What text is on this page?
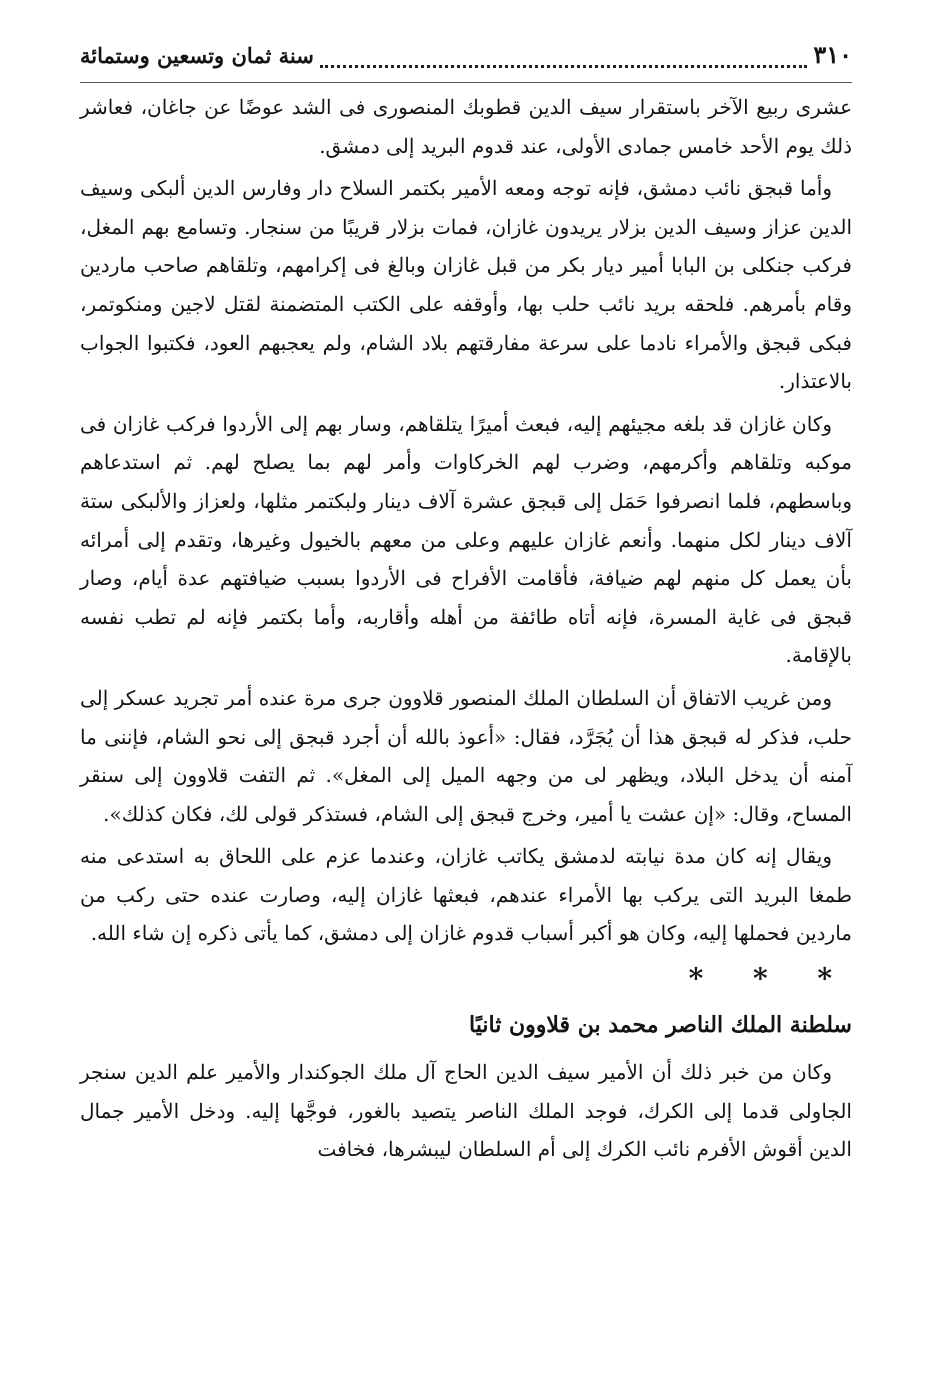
٣١٠
سنة ثمان وتسعين وستمائة

عشرى ربيع الآخر باستقرار سيف الدين قطوبك المنصورى فى الشد عوضًا عن جاغان، فعاشر ذلك يوم الأحد خامس جمادى الأولى، عند قدوم البريد إلى دمشق.

وأما قبجق نائب دمشق، فإنه توجه ومعه الأمير بكتمر السلاح دار وفارس الدين ألبكى وسيف الدين عزاز وسيف الدين بزلار يريدون غازان، فمات بزلار قريبًا من سنجار. وتسامع بهم المغل، فركب جنكلى بن البابا أمير ديار بكر من قبل غازان وبالغ فى إكرامهم، وتلقاهم صاحب ماردين وقام بأمرهم. فلحقه بريد نائب حلب بها، وأوقفه على الكتب المتضمنة لقتل لاجين ومنكوتمر، فبكى قبجق والأمراء نادما على سرعة مفارقتهم بلاد الشام، ولم يعجبهم العود، فكتبوا الجواب بالاعتذار.

وكان غازان قد بلغه مجيئهم إليه، فبعث أميرًا يتلقاهم، وسار بهم إلى الأردوا فركب غازان فى موكبه وتلقاهم وأكرمهم، وضرب لهم الخركاوات وأمر لهم بما يصلح لهم. ثم استدعاهم وباسطهم، فلما انصرفوا حَمَل إلى قبجق عشرة آلاف دينار ولبكتمر مثلها، ولعزاز والألبكى ستة آلاف دينار لكل منهما. وأنعم غازان عليهم وعلى من معهم بالخيول وغيرها، وتقدم إلى أمرائه بأن يعمل كل منهم لهم ضيافة، فأقامت الأفراح فى الأردوا بسبب ضيافتهم عدة أيام، وصار قبجق فى غاية المسرة، فإنه أتاه طائفة من أهله وأقاربه، وأما بكتمر فإنه لم تطب نفسه بالإقامة.

ومن غريب الاتفاق أن السلطان الملك المنصور قلاوون جرى مرة عنده أمر تجريد عسكر إلى حلب، فذكر له قبجق هذا أن يُجَرَّد، فقال: «أعوذ بالله أن أجرد قبجق إلى نحو الشام، فإننى ما آمنه أن يدخل البلاد، ويظهر لى من وجهه الميل إلى المغل». ثم التفت قلاوون إلى سنقر المساح، وقال: «إن عشت يا أمير، وخرج قبجق إلى الشام، فستذكر قولى لك، فكان كذلك».

ويقال إنه كان مدة نيابته لدمشق يكاتب غازان، وعندما عزم على اللحاق به استدعى منه طمغا البريد التى يركب بها الأمراء عندهم، فبعثها غازان إليه، وصارت عنده حتى ركب من ماردين فحملها إليه، وكان هو أكبر أسباب قدوم غازان إلى دمشق، كما يأتى ذكره إن شاء الله.

* * *
سلطنة الملك الناصر محمد بن قلاوون ثانيًا

وكان من خبر ذلك أن الأمير سيف الدين الحاج آل ملك الجوكندار والأمير علم الدين سنجر الجاولى قدما إلى الكرك، فوجد الملك الناصر يتصيد بالغور، فوجَّها إليه. ودخل الأمير جمال الدين أقوش الأفرم نائب الكرك إلى أم السلطان ليبشرها، فخافت
